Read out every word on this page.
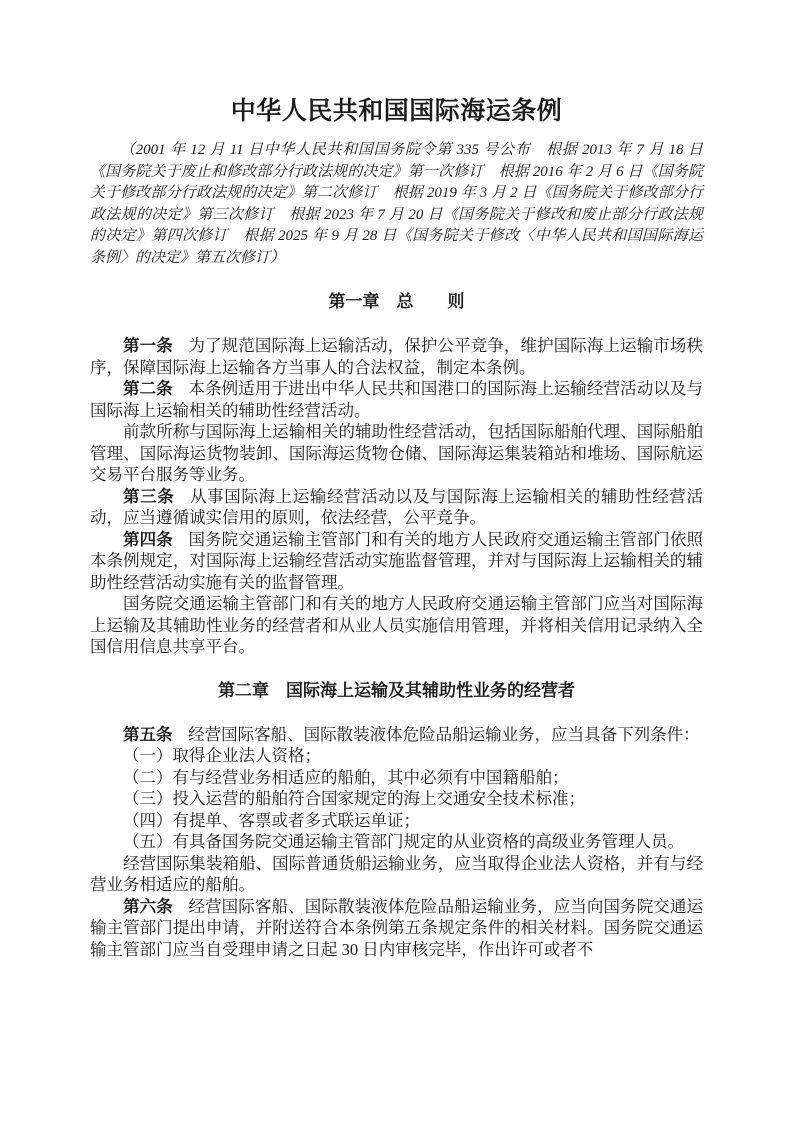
中华人民共和国国际海运条例

（2001 年 12 月 11 日中华人民共和国国务院令第 335 号公布　根据 2013 年 7 月 18 日《国务院关于废止和修改部分行政法规的决定》第一次修订　根据 2016 年 2 月 6 日《国务院关于修改部分行政法规的决定》第二次修订　根据 2019 年 3 月 2 日《国务院关于修改部分行政法规的决定》第三次修订　根据 2023 年 7 月 20 日《国务院关于修改和废止部分行政法规的决定》第四次修订　根据 2025 年 9 月 28 日《国务院关于修改〈中华人民共和国国际海运条例〉的决定》第五次修订）

第一章　总　　则

第一条 为了规范国际海上运输活动，保护公平竞争，维护国际海上运输市场秩序，保障国际海上运输各方当事人的合法权益，制定本条例。

第二条 本条例适用于进出中华人民共和国港口的国际海上运输经营活动以及与国际海上运输相关的辅助性经营活动。

前款所称与国际海上运输相关的辅助性经营活动，包括国际船舶代理、国际船舶管理、国际海运货物装卸、国际海运货物仓储、国际海运集装箱站和堆场、国际航运交易平台服务等业务。

第三条 从事国际海上运输经营活动以及与国际海上运输相关的辅助性经营活动，应当遵循诚实信用的原则，依法经营，公平竞争。

第四条 国务院交通运输主管部门和有关的地方人民政府交通运输主管部门依照本条例规定，对国际海上运输经营活动实施监督管理，并对与国际海上运输相关的辅助性经营活动实施有关的监督管理。

国务院交通运输主管部门和有关的地方人民政府交通运输主管部门应当对国际海上运输及其辅助性业务的经营者和从业人员实施信用管理，并将相关信用记录纳入全国信用信息共享平台。

第二章　国际海上运输及其辅助性业务的经营者

第五条 经营国际客船、国际散装液体危险品船运输业务，应当具备下列条件：

（一）取得企业法人资格；

（二）有与经营业务相适应的船舶，其中必须有中国籍船舶；

（三）投入运营的船舶符合国家规定的海上交通安全技术标准；

（四）有提单、客票或者多式联运单证；

（五）有具备国务院交通运输主管部门规定的从业资格的高级业务管理人员。

经营国际集装箱船、国际普通货船运输业务，应当取得企业法人资格，并有与经营业务相适应的船舶。

第六条 经营国际客船、国际散装液体危险品船运输业务，应当向国务院交通运输主管部门提出申请，并附送符合本条例第五条规定条件的相关材料。国务院交通运输主管部门应当自受理申请之日起 30 日内审核完毕，作出许可或者不
